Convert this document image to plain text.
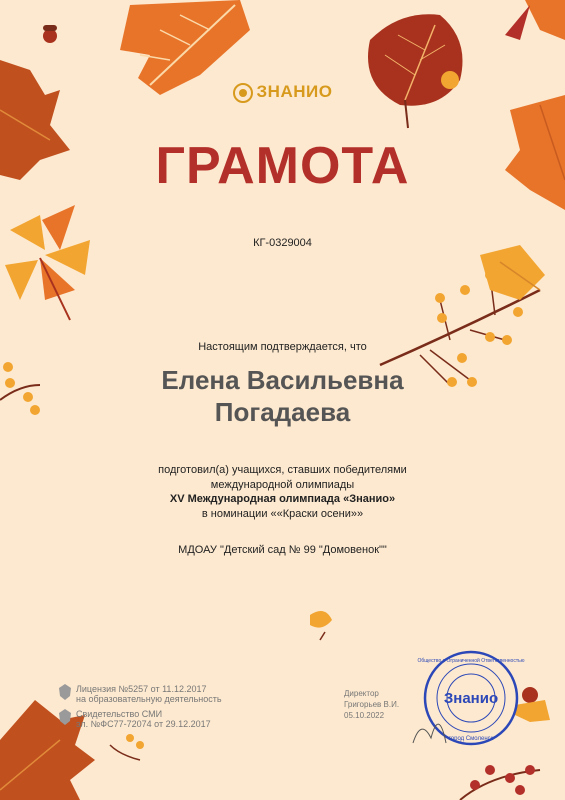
ЗНАНИО
ГРАМОТА
КГ-0329004
Настоящим подтверждается, что
Елена Васильевна
Погадаева
подготовил(а) учащихся, ставших победителями
международной олимпиады
XV Международная олимпиада «Знанио»
в номинации ««Краски осени»»
МДОАУ "Детский сад № 99 "Домовенок""
Лицензия №5257 от 11.12.2017
на образовательную деятельность
Свидетельство СМИ
эл. №ФС77-72074 от 29.12.2017
Директор
Григорьев В.И.
05.10.2022
Знанио
Общество с Ограниченной Ответственностью
город Смоленск
